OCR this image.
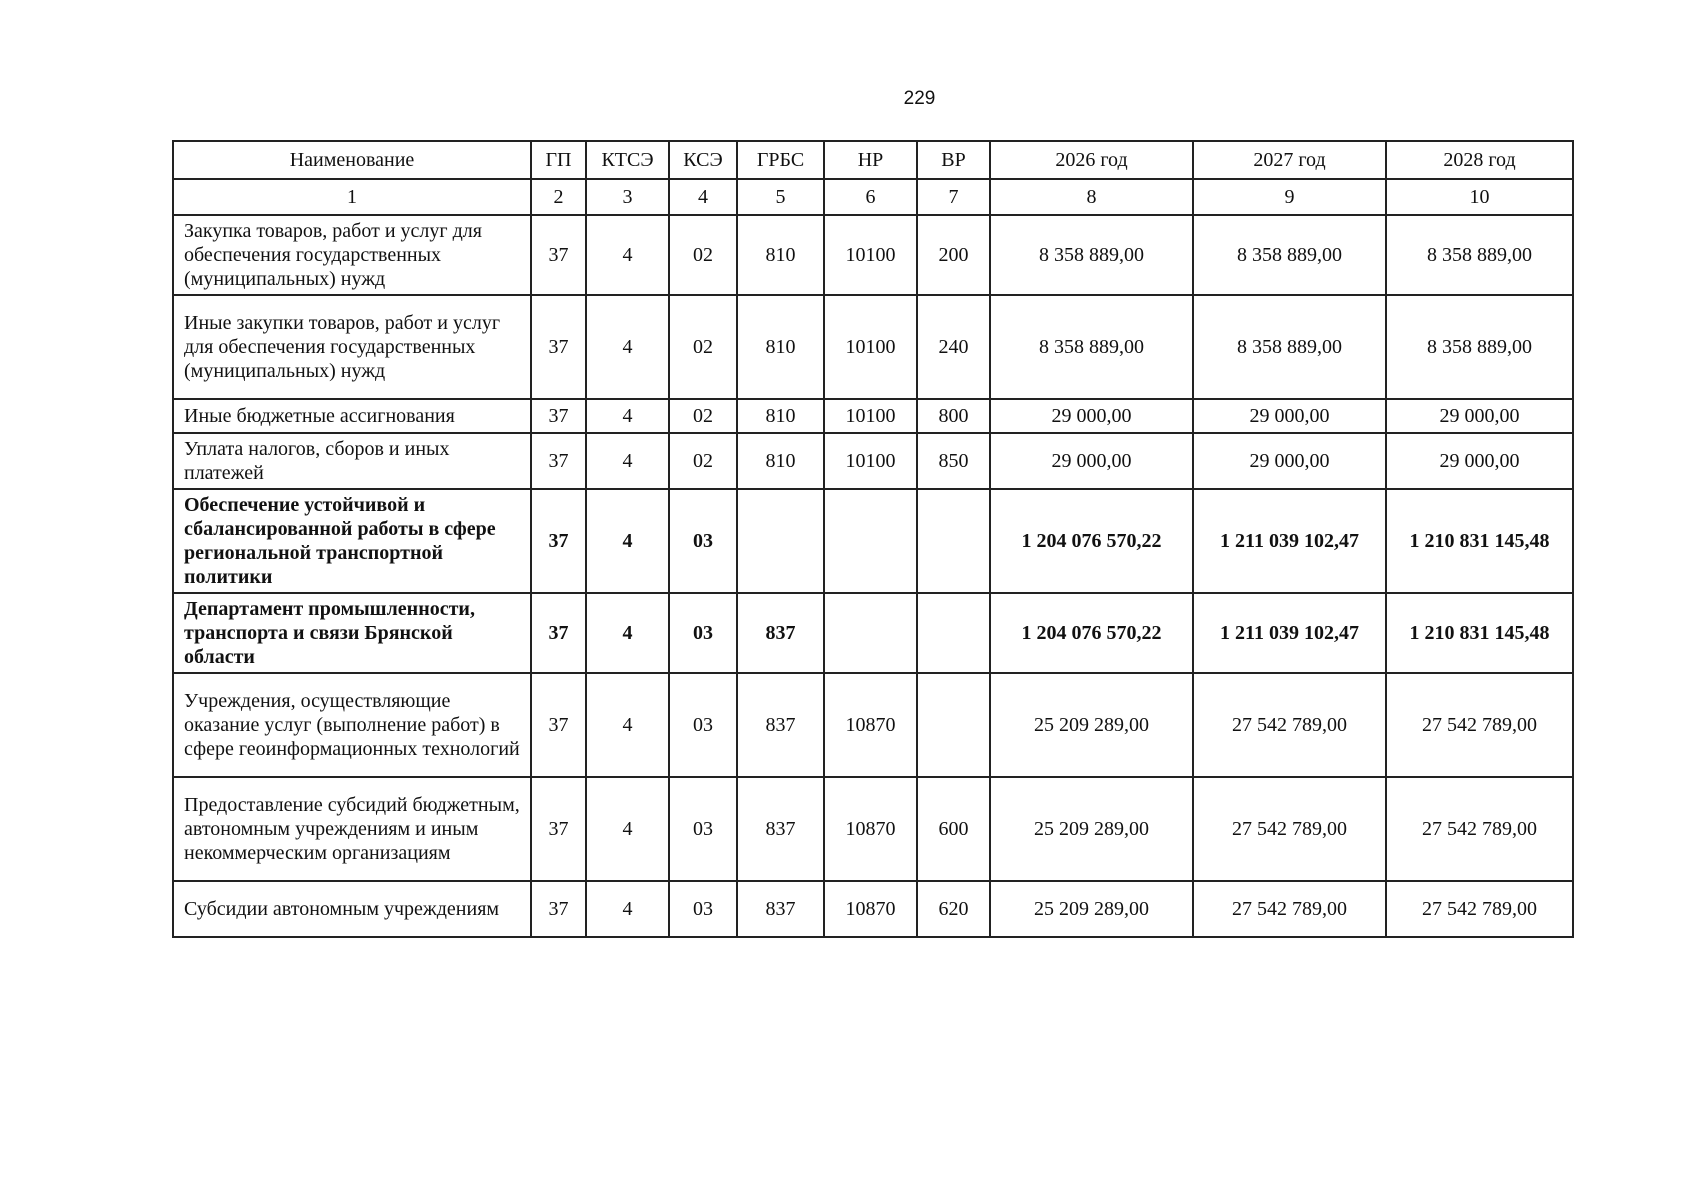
229
Наименование	ГП	КТСЭ	КСЭ	ГРБС	НР	ВР	2026 год	2027 год	2028 год
1	2	3	4	5	6	7	8	9	10
Закупка товаров, работ и услуг для обеспечения государственных (муниципальных) нужд	37	4	02	810	10100	200	8 358 889,00	8 358 889,00	8 358 889,00
Иные закупки товаров, работ и услуг для обеспечения государственных (муниципальных) нужд	37	4	02	810	10100	240	8 358 889,00	8 358 889,00	8 358 889,00
Иные бюджетные ассигнования	37	4	02	810	10100	800	29 000,00	29 000,00	29 000,00
Уплата налогов, сборов и иных платежей	37	4	02	810	10100	850	29 000,00	29 000,00	29 000,00
Обеспечение устойчивой и сбалансированной работы в сфере региональной транспортной политики	37	4	03				1 204 076 570,22	1 211 039 102,47	1 210 831 145,48
Департамент промышленности, транспорта и связи Брянской области	37	4	03	837			1 204 076 570,22	1 211 039 102,47	1 210 831 145,48
Учреждения, осуществляющие оказание услуг (выполнение работ) в сфере геоинформационных технологий	37	4	03	837	10870		25 209 289,00	27 542 789,00	27 542 789,00
Предоставление субсидий бюджетным, автономным учреждениям и иным некоммерческим организациям	37	4	03	837	10870	600	25 209 289,00	27 542 789,00	27 542 789,00
Субсидии автономным учреждениям	37	4	03	837	10870	620	25 209 289,00	27 542 789,00	27 542 789,00
